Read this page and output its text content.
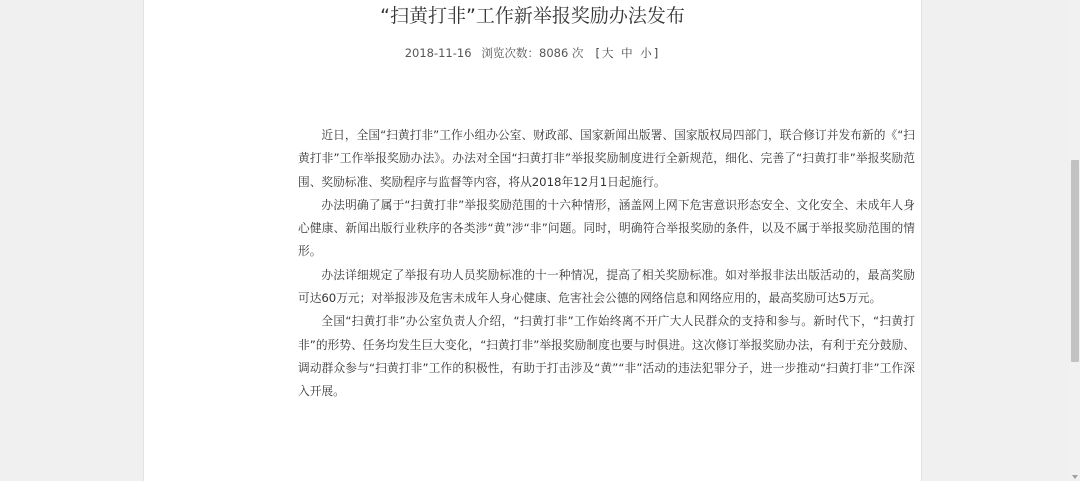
“扫黄打非”工作新举报奖励办法发布
2018-11-16 浏览次数：8086 次 [大 中 小]

近日，全国“扫黄打非”工作小组办公室、财政部、国家新闻出版署、国家版权局四部门，联合修订并发布新的《“扫黄打非”工作举报奖励办法》。办法对全国“扫黄打非”举报奖励制度进行全新规范，细化、完善了“扫黄打非”举报奖励范围、奖励标准、奖励程序与监督等内容，将从2018年12月1日起施行。

办法明确了属于“扫黄打非”举报奖励范围的十六种情形，涵盖网上网下危害意识形态安全、文化安全、未成年人身心健康、新闻出版行业秩序的各类涉“黄”涉“非”问题。同时，明确符合举报奖励的条件，以及不属于举报奖励范围的情形。

办法详细规定了举报有功人员奖励标准的十一种情况，提高了相关奖励标准。如对举报非法出版活动的，最高奖励可达60万元；对举报涉及危害未成年人身心健康、危害社会公德的网络信息和网络应用的，最高奖励可达5万元。

全国“扫黄打非”办公室负责人介绍，“扫黄打非”工作始终离不开广大人民群众的支持和参与。新时代下，“扫黄打非”的形势、任务均发生巨大变化，“扫黄打非”举报奖励制度也要与时俱进。这次修订举报奖励办法，有利于充分鼓励、调动群众参与“扫黄打非”工作的积极性，有助于打击涉及“黄”“非”活动的违法犯罪分子，进一步推动“扫黄打非”工作深入开展。
